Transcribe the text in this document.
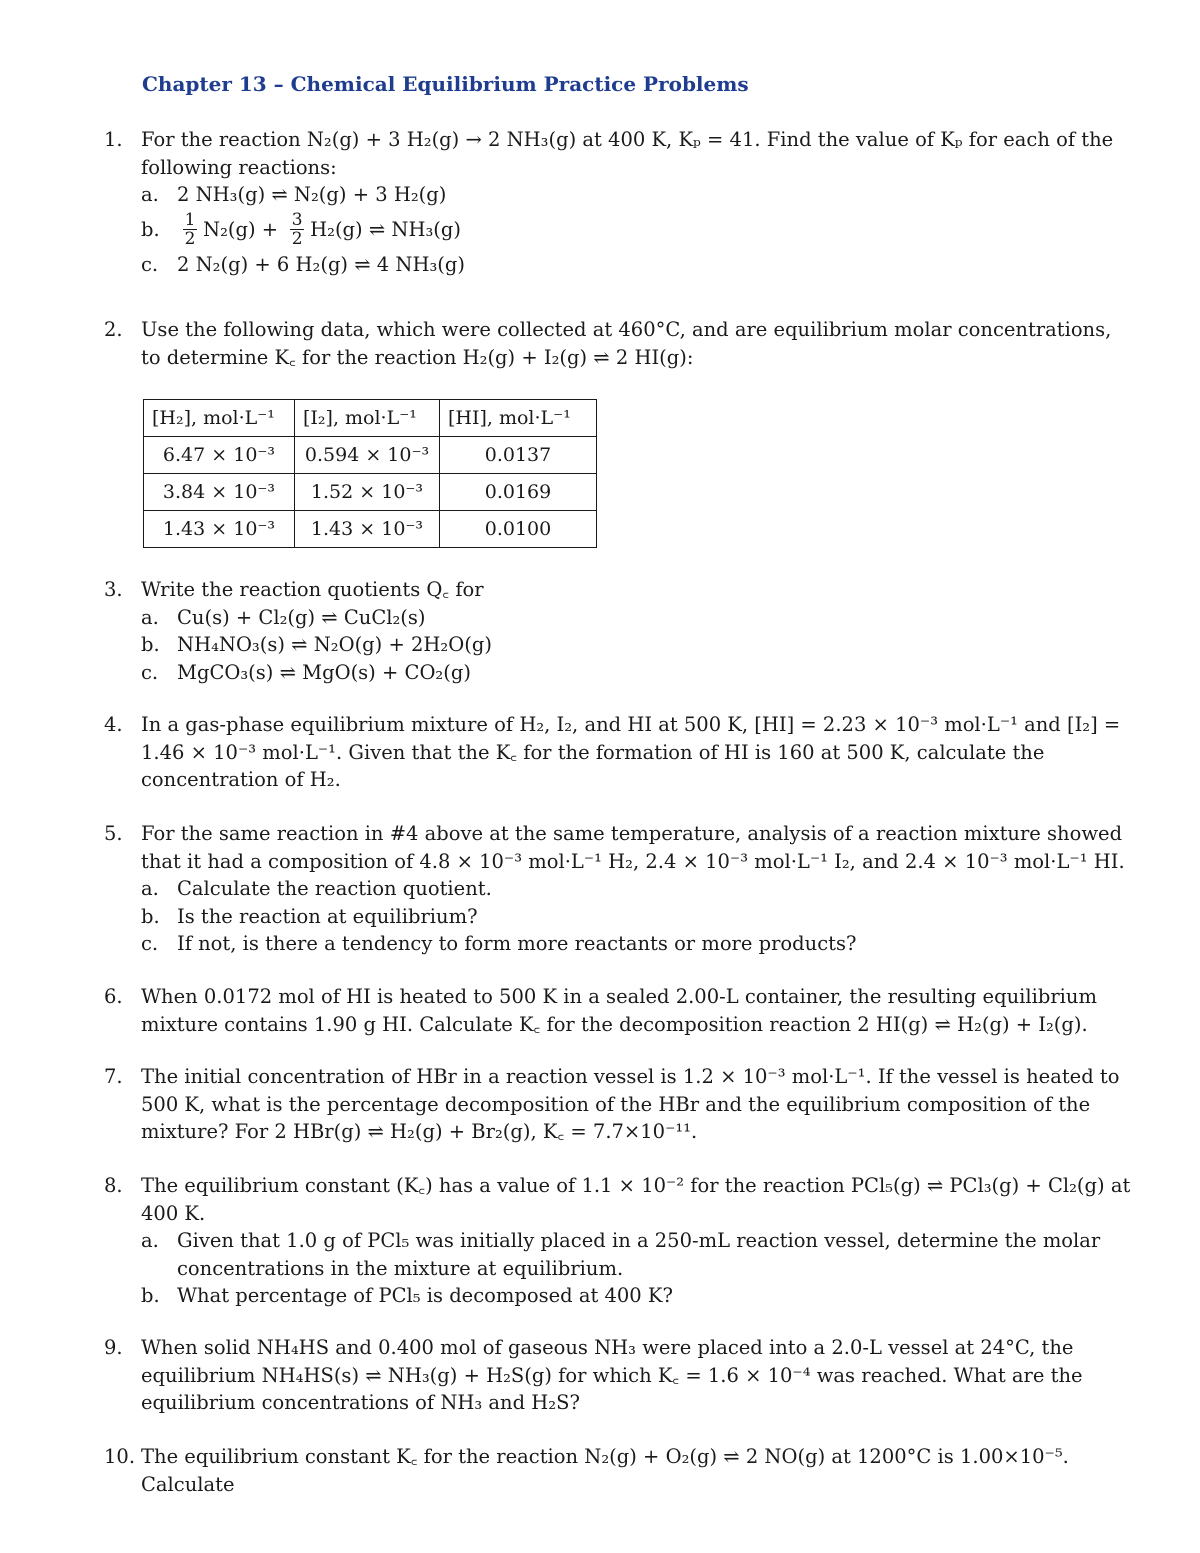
Chapter 13 – Chemical Equilibrium Practice Problems
1. For the reaction N₂(g) + 3 H₂(g) → 2 NH₃(g) at 400 K, Kₚ = 41. Find the value of Kₚ for each of the following reactions:
a. 2 NH₃(g) ⇌ N₂(g) + 3 H₂(g)
b. $\frac{1}{2} N_2(g) + \frac{3}{2} H_2(g)$ ⇌ NH₃(g)
c. 2 N₂(g) + 6 H₂(g) ⇌ 4 NH₃(g)
2. Use the following data, which were collected at 460°C, and are equilibrium molar concentrations, to determine K꜀ for the reaction H₂(g) + I₂(g) ⇌ 2 HI(g):
[H₂], mol·L⁻¹	[I₂], mol·L⁻¹	[HI], mol·L⁻¹
6.47 × 10⁻³	0.594 × 10⁻³	0.0137
3.84 × 10⁻³	1.52 × 10⁻³	0.0169
1.43 × 10⁻³	1.43 × 10⁻³	0.0100
3. Write the reaction quotients Q꜀ for
a. Cu(s) + Cl₂(g) ⇌ CuCl₂(s)
b. NH₄NO₃(s) ⇌ N₂O(g) + 2H₂O(g)
c. MgCO₃(s) ⇌ MgO(s) + CO₂(g)
4. In a gas-phase equilibrium mixture of H₂, I₂, and HI at 500 K, [HI] = 2.23 × 10⁻³ mol·L⁻¹ and [I₂] = 1.46 × 10⁻³ mol·L⁻¹. Given that the K꜀ for the formation of HI is 160 at 500 K, calculate the concentration of H₂.
5. For the same reaction in #4 above at the same temperature, analysis of a reaction mixture showed that it had a composition of 4.8 × 10⁻³ mol·L⁻¹ H₂, 2.4 × 10⁻³ mol·L⁻¹ I₂, and 2.4 × 10⁻³ mol·L⁻¹ HI.
a. Calculate the reaction quotient.
b. Is the reaction at equilibrium?
c. If not, is there a tendency to form more reactants or more products?
6. When 0.0172 mol of HI is heated to 500 K in a sealed 2.00-L container, the resulting equilibrium mixture contains 1.90 g HI. Calculate K꜀ for the decomposition reaction 2 HI(g) ⇌ H₂(g) + I₂(g).
7. The initial concentration of HBr in a reaction vessel is 1.2 × 10⁻³ mol·L⁻¹. If the vessel is heated to 500 K, what is the percentage decomposition of the HBr and the equilibrium composition of the mixture? For 2 HBr(g) ⇌ H₂(g) + Br₂(g), K꜀ = 7.7×10⁻¹¹.
8. The equilibrium constant (K꜀) has a value of 1.1 × 10⁻² for the reaction PCl₅(g) ⇌ PCl₃(g) + Cl₂(g) at 400 K.
a. Given that 1.0 g of PCl₅ was initially placed in a 250-mL reaction vessel, determine the molar concentrations in the mixture at equilibrium.
b. What percentage of PCl₅ is decomposed at 400 K?
9. When solid NH₄HS and 0.400 mol of gaseous NH₃ were placed into a 2.0-L vessel at 24°C, the equilibrium NH₄HS(s) ⇌ NH₃(g) + H₂S(g) for which K꜀ = 1.6 × 10⁻⁴ was reached. What are the equilibrium concentrations of NH₃ and H₂S?
10. The equilibrium constant K꜀ for the reaction N₂(g) + O₂(g) ⇌ 2 NO(g) at 1200°C is 1.00×10⁻⁵. Calculate
